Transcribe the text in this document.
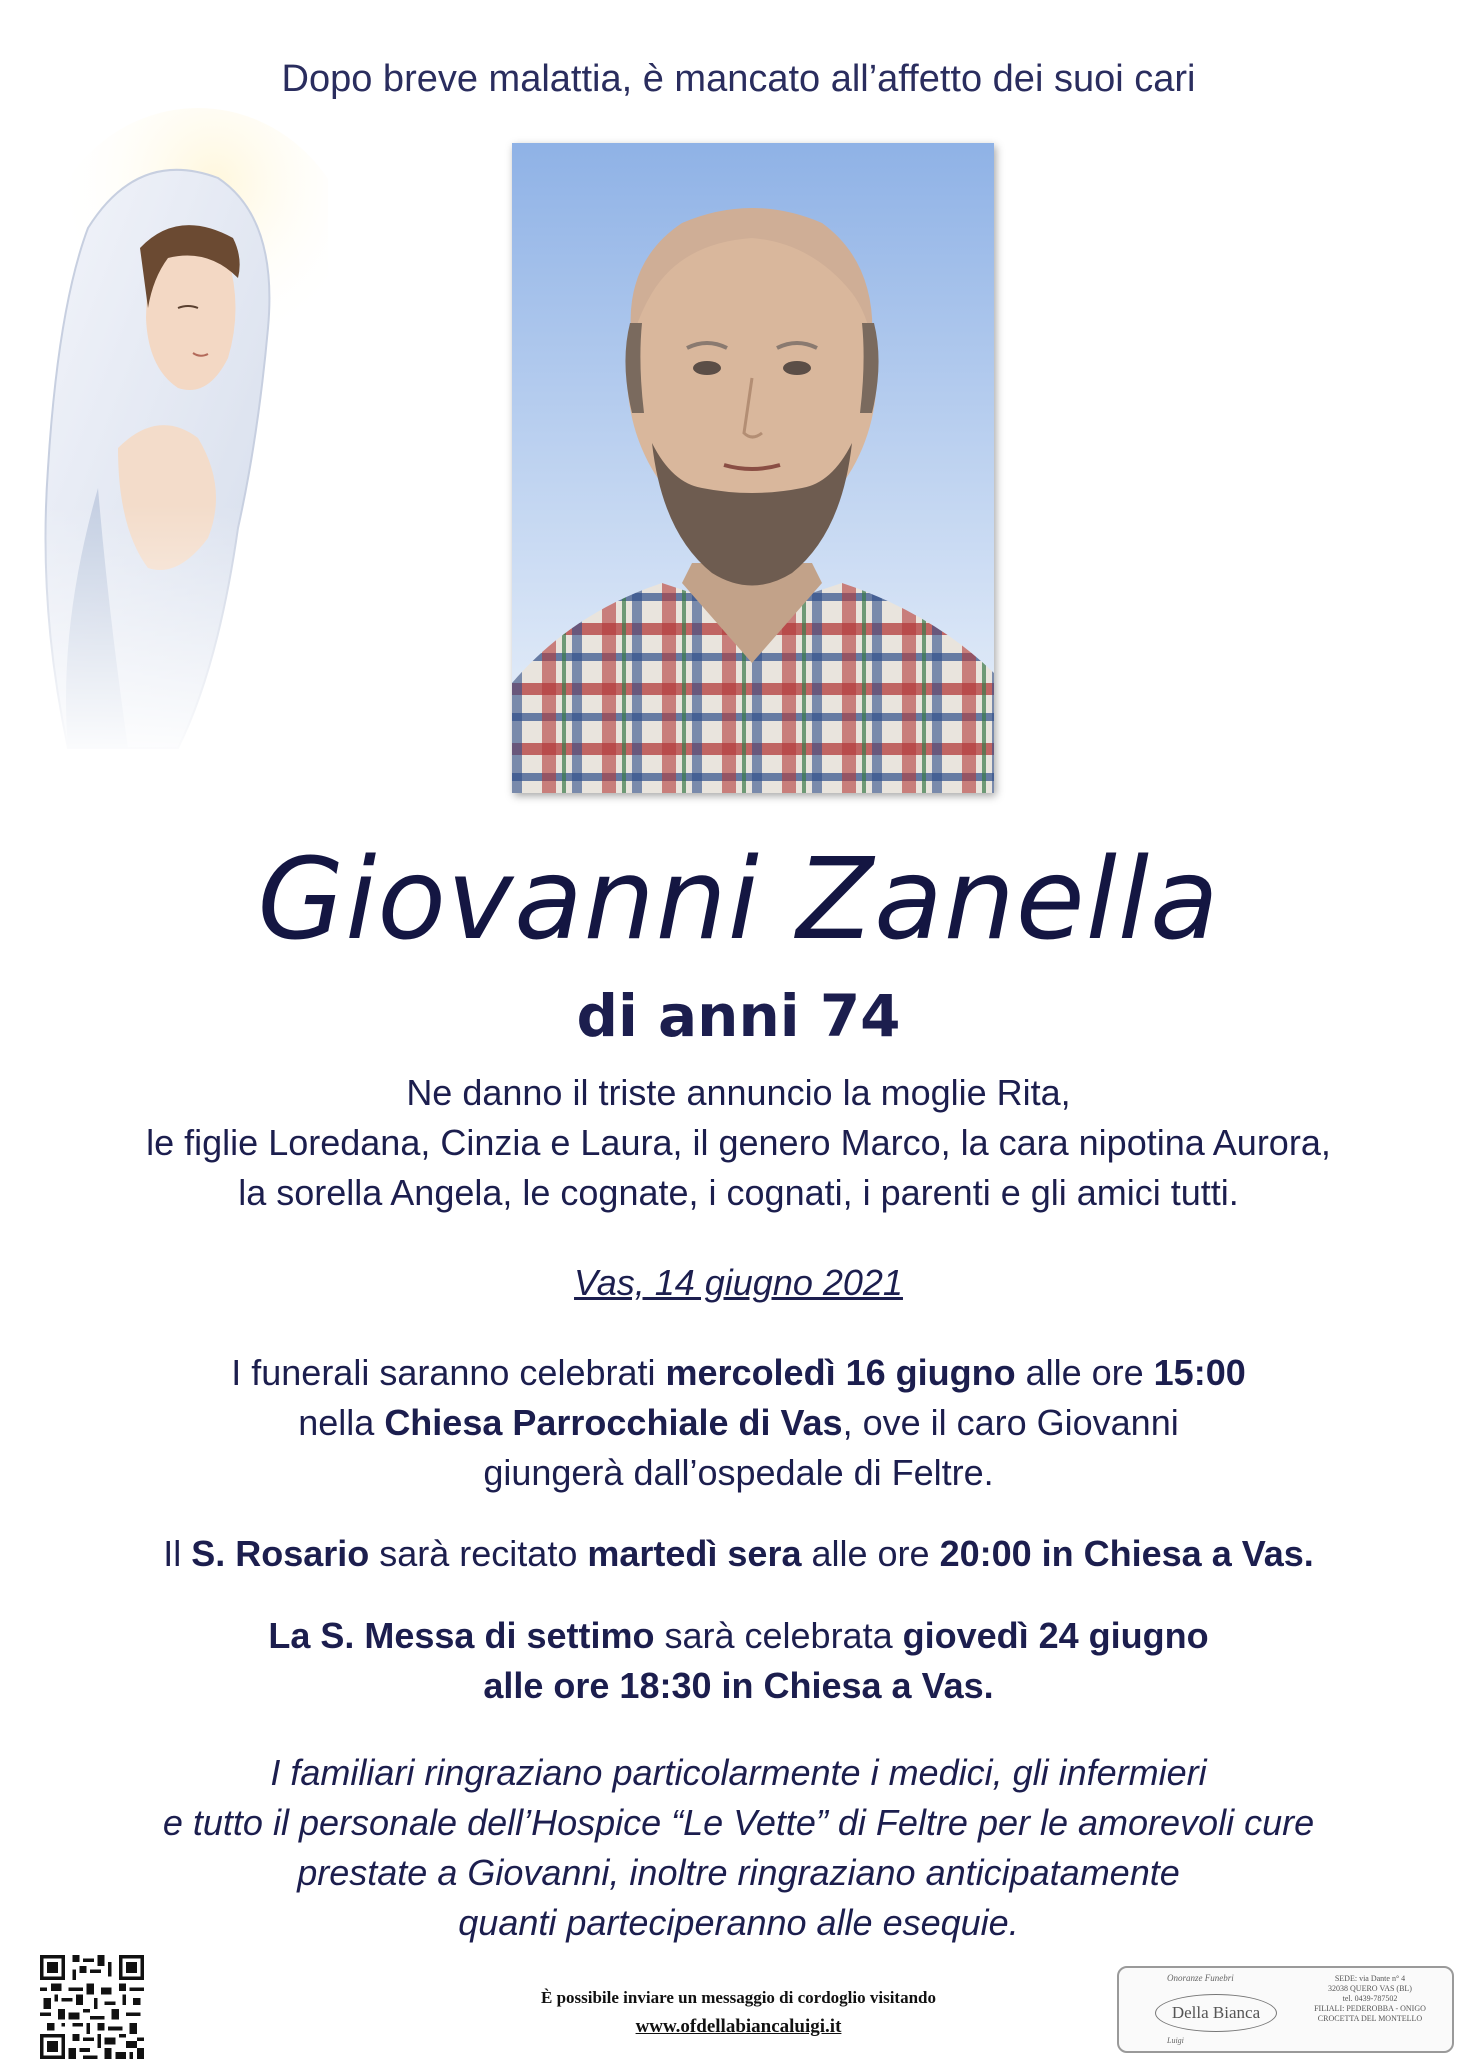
Dopo breve malattia, è mancato all’affetto dei suoi cari
Giovanni Zanella
di anni 74
Ne danno il triste annuncio la moglie Rita,
le figlie Loredana, Cinzia e Laura, il genero Marco, la cara nipotina Aurora,
la sorella Angela, le cognate, i cognati, i parenti e gli amici tutti.
Vas, 14 giugno 2021
I funerali saranno celebrati mercoledì 16 giugno alle ore 15:00
nella Chiesa Parrocchiale di Vas, ove il caro Giovanni
giungerà dall’ospedale di Feltre.
Il S. Rosario sarà recitato martedì sera alle ore 20:00 in Chiesa a Vas.
La S. Messa di settimo sarà celebrata giovedì 24 giugno
alle ore 18:30 in Chiesa a Vas.
I familiari ringraziano particolarmente i medici, gli infermieri
e tutto il personale dell’Hospice “Le Vette” di Feltre per le amorevoli cure
prestate a Giovanni, inoltre ringraziano anticipatamente
quanti parteciperanno alle esequie.
È possibile inviare un messaggio di cordoglio visitando
www.ofdellabiancaluigi.it
Onoranze Funebri
Della Bianca
Luigi
SEDE: via Dante n° 4
32038 QUERO VAS (BL)
tel. 0439-787502
FILIALI: PEDEROBBA - ONIGO
CROCETTA DEL MONTELLO
